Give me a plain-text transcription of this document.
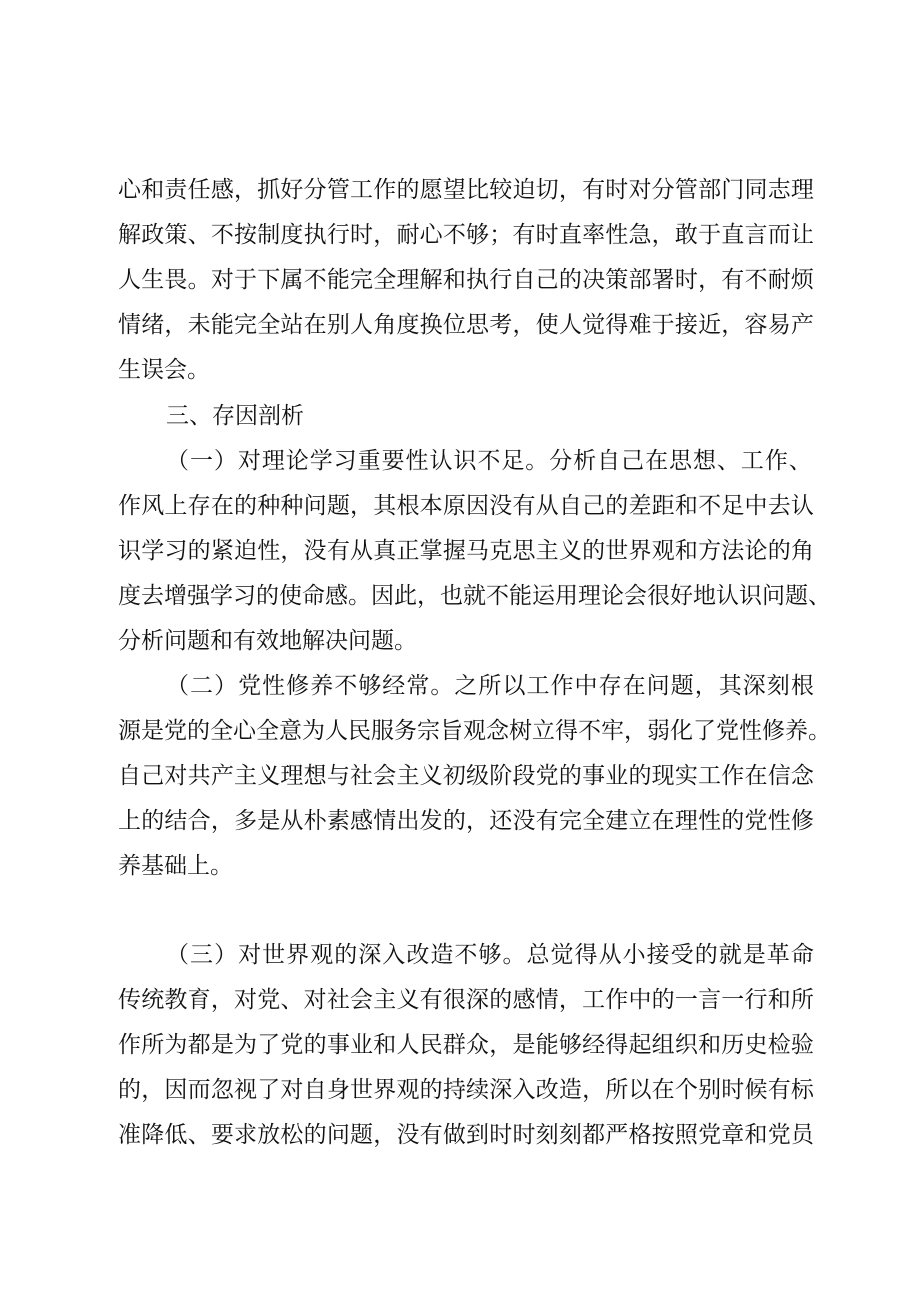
心 和 责 任 感 ， 抓 好 分 管 工 作 的 愿 望 比 较 迫 切 ， 有 时 对 分 管 部 门 同 志 理
解 政 策 、 不 按 制 度 执 行 时 ， 耐 心 不 够 ； 有 时 直 率 性 急 ， 敢 于 直 言 而 让
人 生 畏 。 对 于 下 属 不 能 完 全 理 解 和 执 行 自 己 的 决 策 部 署 时 ， 有 不 耐 烦
情 绪 ， 未 能 完 全 站 在 别 人 角 度 换 位 思 考 ， 使 人 觉 得 难 于 接 近 ， 容 易 产
生误会。
三、存因剖析
（ 一 ） 对 理 论 学 习 重 要 性 认 识 不 足 。 分 析 自 己 在 思 想 、 工 作 、
作 风 上 存 在 的 种 种 问 题 ， 其 根 本 原 因 没 有 从 自 己 的 差 距 和 不 足 中 去 认
识 学 习 的 紧 迫 性 ， 没 有 从 真 正 掌 握 马 克 思 主 义 的 世 界 观 和 方 法 论 的 角
度 去 增 强 学 习 的 使 命 感 。 因 此 ， 也 就 不 能 运 用 理 论 会 很 好 地 认 识 问 题 、
分析问题和有效地解决问题。
（ 二 ） 党 性 修 养 不 够 经 常 。 之 所 以 工 作 中 存 在 问 题 ， 其 深 刻 根
源 是 党 的 全 心 全 意 为 人 民 服 务 宗 旨 观 念 树 立 得 不 牢 ， 弱 化 了 党 性 修 养 。
自 己 对 共 产 主 义 理 想 与 社 会 主 义 初 级 阶 段 党 的 事 业 的 现 实 工 作 在 信 念
上 的 结 合 ， 多 是 从 朴 素 感 情 出 发 的 ， 还 没 有 完 全 建 立 在 理 性 的 党 性 修
养基础上。
（ 三 ） 对 世 界 观 的 深 入 改 造 不 够 。 总 觉 得 从 小 接 受 的 就 是 革 命
传 统 教 育 ， 对 党 、 对 社 会 主 义 有 很 深 的 感 情 ， 工 作 中 的 一 言 一 行 和 所
作 所 为 都 是 为 了 党 的 事 业 和 人 民 群 众 ， 是 能 够 经 得 起 组 织 和 历 史 检 验
的 ， 因 而 忽 视 了 对 自 身 世 界 观 的 持 续 深 入 改 造 ， 所 以 在 个 别 时 候 有 标
准 降 低 、 要 求 放 松 的 问 题 ， 没 有 做 到 时 时 刻 刻 都 严 格 按 照 党 章 和 党 员
